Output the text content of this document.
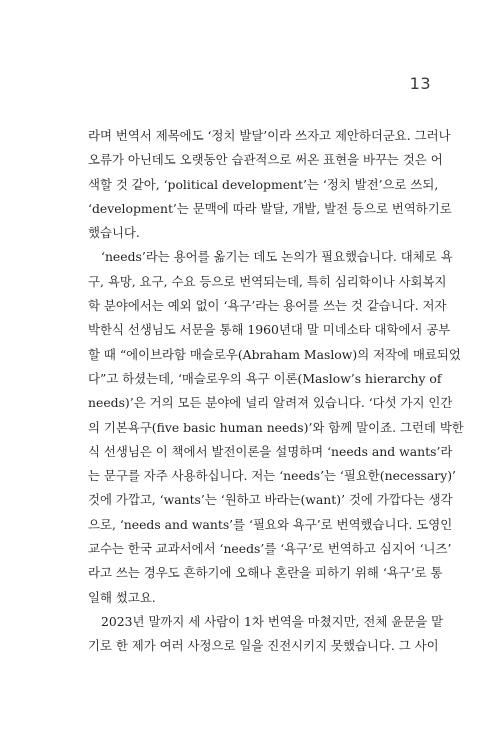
13
라며 번역서 제목에도 ‘정치 발달’이라 쓰자고 제안하더군요. 그러나
오류가 아닌데도 오랫동안 습관적으로 써온 표현을 바꾸는 것은 어
색할 것 같아, ‘political development’는 ‘정치 발전’으로 쓰되,
‘development’는 문맥에 따라 발달, 개발, 발전 등으로 번역하기로
했습니다.
‘needs’라는 용어를 옮기는 데도 논의가 필요했습니다. 대체로 욕
구, 욕망, 요구, 수요 등으로 번역되는데, 특히 심리학이나 사회복지
학 분야에서는 예외 없이 ‘욕구’라는 용어를 쓰는 것 같습니다. 저자
박한식 선생님도 서문을 통해 1960년대 말 미네소타 대학에서 공부
할 때 “에이브라함 매슬로우(Abraham Maslow)의 저작에 매료되었
다”고 하셨는데, ‘매슬로우의 욕구 이론(Maslow’s hierarchy of
needs)’은 거의 모든 분야에 널리 알려져 있습니다. ‘다섯 가지 인간
의 기본욕구(five basic human needs)’와 함께 말이죠. 그런데 박한
식 선생님은 이 책에서 발전이론을 설명하며 ‘needs and wants’라
는 문구를 자주 사용하십니다. 저는 ‘needs’는 ‘필요한(necessary)’
것에 가깝고, ‘wants’는 ‘원하고 바라는(want)’ 것에 가깝다는 생각
으로, ‘needs and wants’를 ‘필요와 욕구’로 번역했습니다. 도영인
교수는 한국 교과서에서 ‘needs’를 ‘욕구’로 번역하고 심지어 ‘니즈’
라고 쓰는 경우도 흔하기에 오해나 혼란을 피하기 위해 ‘욕구’로 통
일해 썼고요.
2023년 말까지 세 사람이 1차 번역을 마쳤지만, 전체 윤문을 맡
기로 한 제가 여러 사정으로 일을 진전시키지 못했습니다. 그 사이
